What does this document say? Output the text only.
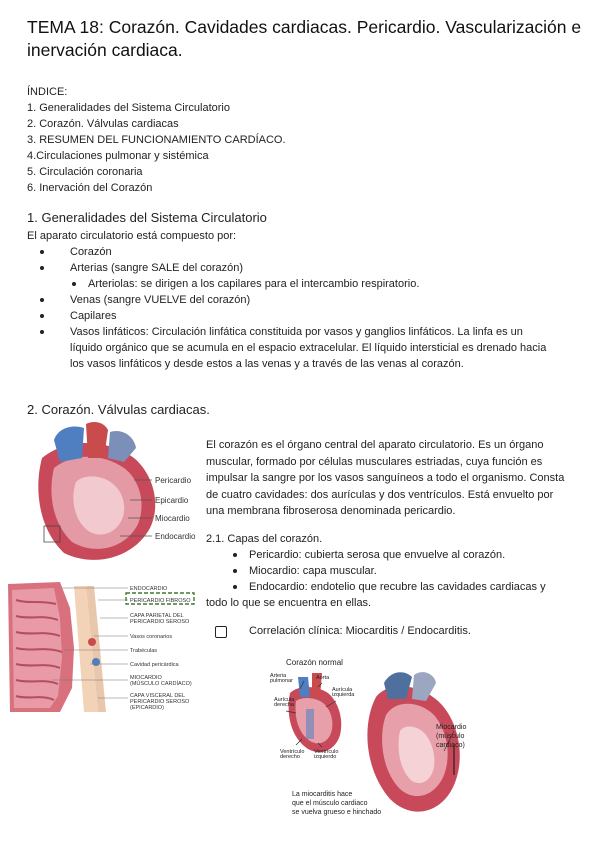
TEMA 18: Corazón. Cavidades cardiacas. Pericardio. Vascularización e inervación cardiaca.
ÍNDICE:
1. Generalidades del Sistema Circulatorio
2. Corazón. Válvulas cardiacas
3. RESUMEN DEL FUNCIONAMIENTO CARDÍACO.
4.Circulaciones pulmonar y sistémica
5. Circulación coronaria
6. Inervación del Corazón
1. Generalidades del Sistema Circulatorio
El aparato circulatorio está compuesto por:
Corazón
Arterias (sangre SALE del corazón)
Arteriolas: se dirigen a los capilares para el intercambio respiratorio.
Venas (sangre VUELVE del corazón)
Capilares
Vasos linfáticos: Circulación linfática constituida por vasos y ganglios linfáticos. La linfa es un líquido orgánico que se acumula en el espacio extracelular. El líquido intersticial es drenado hacia los vasos linfáticos y desde estos a las venas y a través de las venas al corazón.
2. Corazón. Válvulas cardiacas.
Pericardio
Epicardio
Miocardio
Endocardio
El corazón es el órgano central del aparato circulatorio. Es un órgano muscular, formado por células musculares estriadas, cuya función es impulsar la sangre por los vasos sanguíneos a todo el organismo. Consta de cuatro cavidades: dos aurículas y dos ventrículos. Está envuelto por una membrana fibroserosa denominada pericardio.
2.1. Capas del corazón.
Pericardio: cubierta serosa que envuelve al corazón.
Miocardio: capa muscular.
Endocardio: endotelio que recubre las cavidades cardiacas y
todo lo que se encuentra en ellas.
Correlación clínica: Miocarditis / Endocarditis.
ENDOCARDIO
PERICARDIO FIBROSO
CAPA PARIETAL DEL
PERICARDIO SEROSO
Vasos coronarios
Trabéculas
Cavidad pericárdica
MIOCARDIO
(MÚSCULO CARDÍACO)
CAPA VISCERAL DEL
PERICARDIO SEROSO
(EPICARDIO)
Corazón normal
Arteria
pulmonar	Aorta
Aurícula
izquierda
Aurícula
derecha
Ventrículo
derecho
Ventrículo
izquierdo
Miocardio
(músculo
cardiaco)
La miocarditis hace
que el músculo cardiaco
se vuelva grueso e hinchado
